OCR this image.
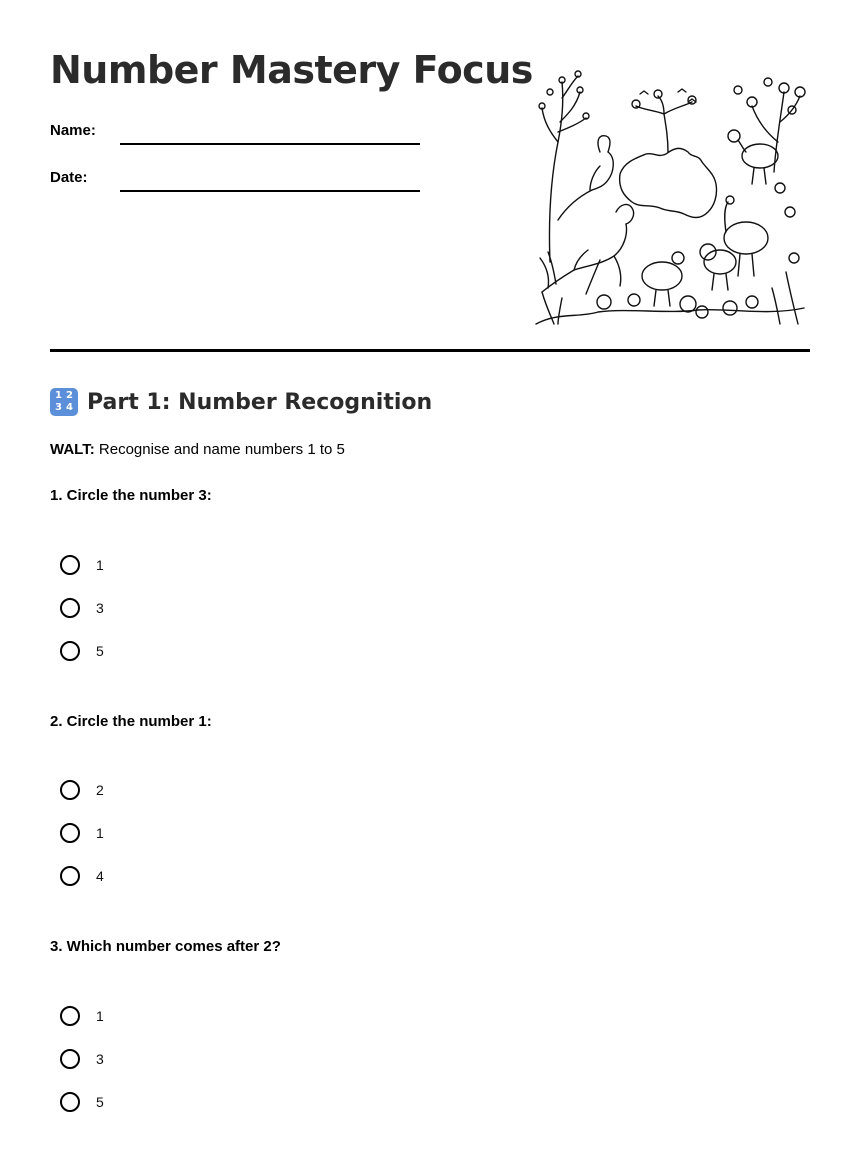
Number Mastery Focus
Name:
Date:
1 2
3 4 Part 1: Number Recognition
WALT: Recognise and name numbers 1 to 5
1. Circle the number 3:
1
3
5
2. Circle the number 1:
2
1
4
3. Which number comes after 2?
1
3
5
